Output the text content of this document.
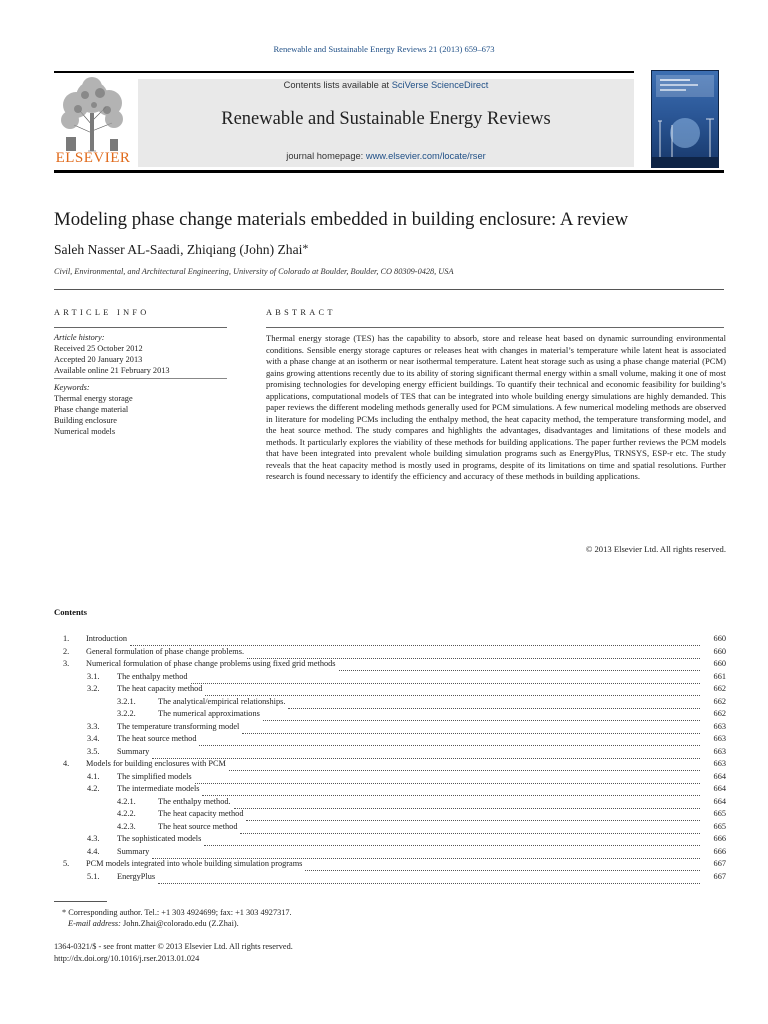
Renewable and Sustainable Energy Reviews 21 (2013) 659–673
ELSEVIER
Contents lists available at SciVerse ScienceDirect
Renewable and Sustainable Energy Reviews
journal homepage: www.elsevier.com/locate/rser
Modeling phase change materials embedded in building enclosure: A review
Saleh Nasser AL-Saadi, Zhiqiang (John) Zhai*
Civil, Environmental, and Architectural Engineering, University of Colorado at Boulder, Boulder, CO 80309-0428, USA
ARTICLE INFO
Article history:
Received 25 October 2012
Accepted 20 January 2013
Available online 21 February 2013
Keywords:
Thermal energy storage
Phase change material
Building enclosure
Numerical models
ABSTRACT
Thermal energy storage (TES) has the capability to absorb, store and release heat based on dynamic surrounding environmental conditions. Sensible energy storage captures or releases heat with changes in material’s temperature while latent heat is associated with a phase change at an isotherm or near isothermal temperature. Latent heat storage such as using a phase change material (PCM) gains growing attentions recently due to its ability of storing significant thermal energy within a small volume, making it one of most promising technologies for developing energy efficient buildings. To quantify their technical and economic feasibility for building’s applications, computational models of TES that can be integrated into whole building energy simulations are highly demanded. This paper reviews the different modeling methods generally used for PCM simulations. A few numerical modeling methods are observed in literature for modeling PCMs including the enthalpy method, the heat capacity method, the temperature transforming model, and the heat source method. The study compares and highlights the advantages, disadvantages and limitations of these models and methods. It particularly explores the viability of these methods for building applications. The paper further reviews the PCM models that have been integrated into prevalent whole building simulation programs such as EnergyPlus, TRNSYS, ESP-r etc. The study reveals that the heat capacity method is mostly used in programs, despite of its limitations on time and spatial resolutions. Further research is found necessary to identify the efficiency and accuracy of these methods in building applications.
© 2013 Elsevier Ltd. All rights reserved.
Contents
1. Introduction	660
2. General formulation of phase change problems.	660
3. Numerical formulation of phase change problems using fixed grid methods	660
3.1. The enthalpy method	661
3.2. The heat capacity method	662
3.2.1.	The analytical/empirical relationships.	662
3.2.2.	The numerical approximations	662
3.3. The temperature transforming model	663
3.4. The heat source method	663
3.5. Summary	663
4. Models for building enclosures with PCM	663
4.1. The simplified models	664
4.2. The intermediate models	664
4.2.1.	The enthalpy method.	664
4.2.2.	The heat capacity method	665
4.2.3.	The heat source method	665
4.3. The sophisticated models	666
4.4. Summary	666
5. PCM models integrated into whole building simulation programs	667
5.1. EnergyPlus	667
* Corresponding author. Tel.: +1 303 4924699; fax: +1 303 4927317.
E-mail address: John.Zhai@colorado.edu (Z.Zhai).
1364-0321/$ - see front matter © 2013 Elsevier Ltd. All rights reserved.
http://dx.doi.org/10.1016/j.rser.2013.01.024
